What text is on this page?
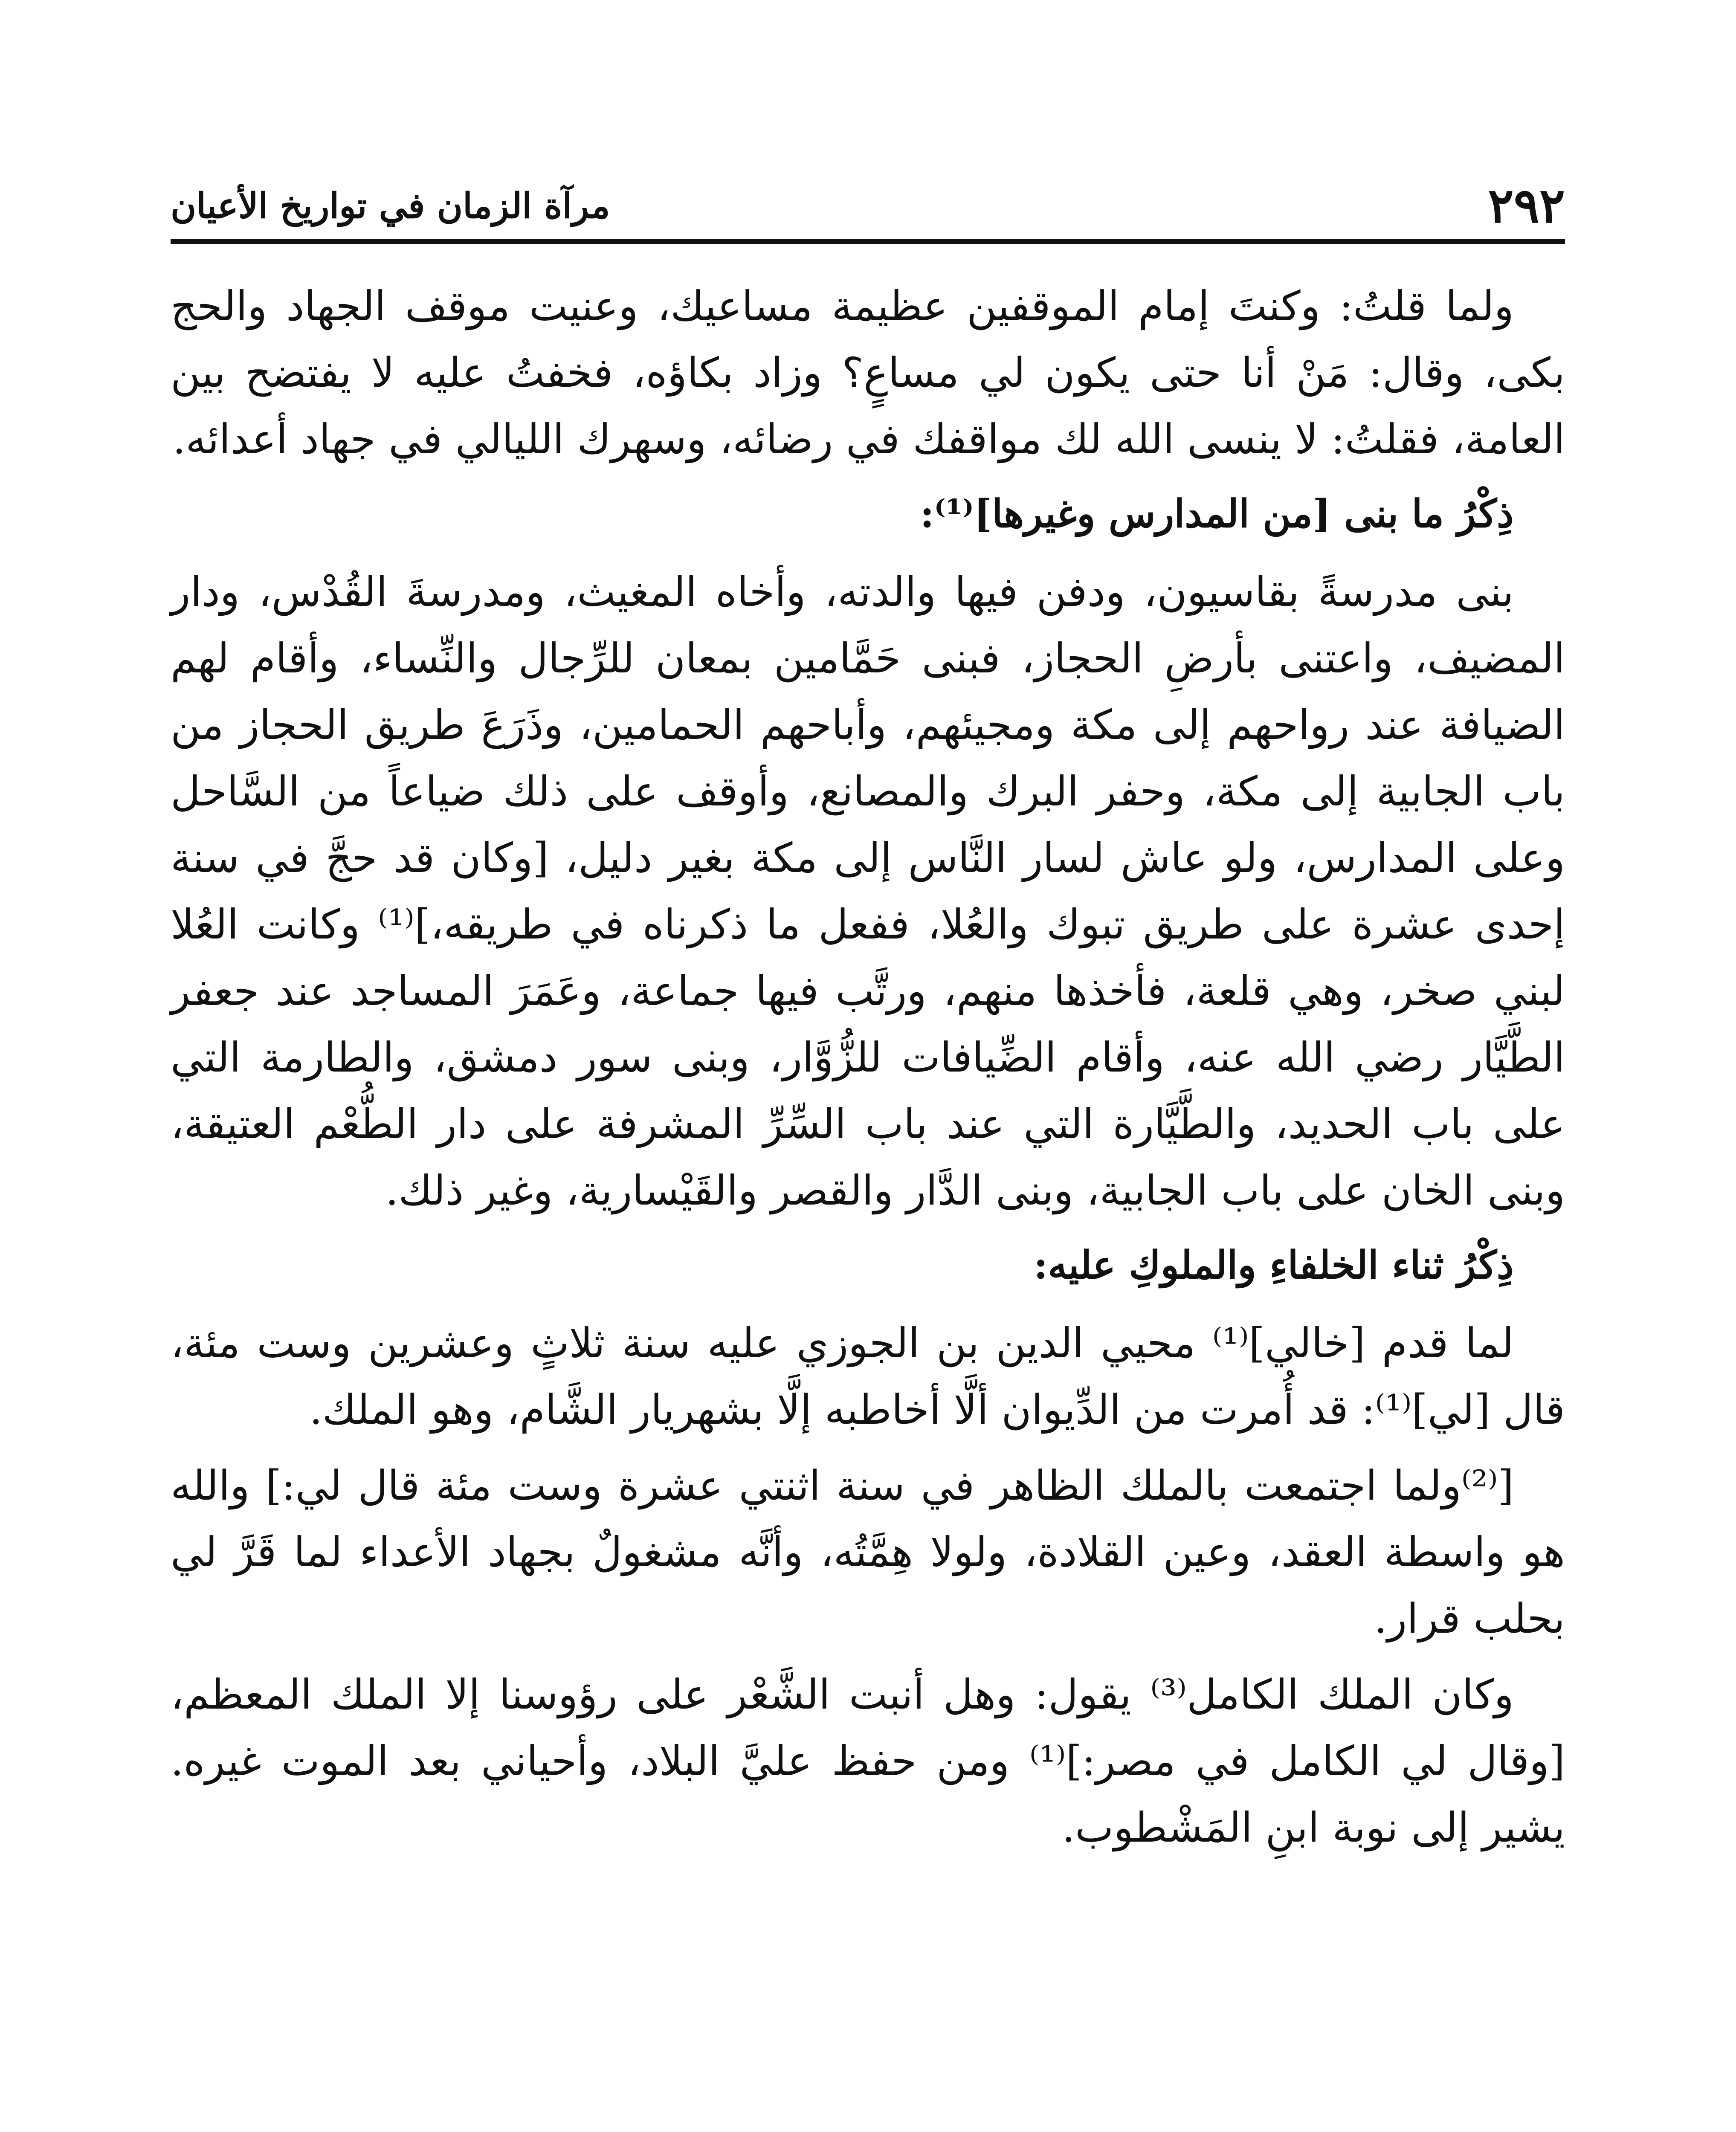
٢٩٢
مرآة الزمان في تواريخ الأعيان

ولما قلتُ: وكنتَ إمام الموقفين عظيمة مساعيك، وعنيت موقف الجهاد والحج بكى، وقال: مَنْ أنا حتى يكون لي مساعٍ؟ وزاد بكاؤه، فخفتُ عليه لا يفتضح بين العامة، فقلتُ: لا ينسى الله لك مواقفك في رضائه، وسهرك الليالي في جهاد أعدائه.

ذِكْرُ ما بنى [من المدارس وغيرها]⁽¹⁾:

بنى مدرسةً بقاسيون، ودفن فيها والدته، وأخاه المغيث، ومدرسةَ القُدْس، ودار المضيف، واعتنى بأرضِ الحجاز، فبنى حَمَّامين بمعان للرِّجال والنِّساء، وأقام لهم الضيافة عند رواحهم إلى مكة ومجيئهم، وأباحهم الحمامين، وذَرَعَ طريق الحجاز من باب الجابية إلى مكة، وحفر البرك والمصانع، وأوقف على ذلك ضياعاً من السَّاحل وعلى المدارس، ولو عاش لسار النَّاس إلى مكة بغير دليل، [وكان قد حجَّ في سنة إحدى عشرة على طريق تبوك والعُلا، ففعل ما ذكرناه في طريقه،]⁽¹⁾ وكانت العُلا لبني صخر، وهي قلعة، فأخذها منهم، ورتَّب فيها جماعة، وعَمَرَ المساجد عند جعفر الطَّيَّار رضي الله عنه، وأقام الضِّيافات للزُّوَّار، وبنى سور دمشق، والطارمة التي على باب الحديد، والطَّيَّارة التي عند باب السِّرِّ المشرفة على دار الطُّعْم العتيقة، وبنى الخان على باب الجابية، وبنى الدَّار والقصر والقَيْسارية، وغير ذلك.

ذِكْرُ ثناء الخلفاءِ والملوكِ عليه:

لما قدم [خالي]⁽¹⁾ محيي الدين بن الجوزي عليه سنة ثلاثٍ وعشرين وست مئة، قال [لي]⁽¹⁾: قد أُمرت من الدِّيوان ألَّا أخاطبه إلَّا بشهريار الشَّام، وهو الملك.

[⁽²⁾ولما اجتمعت بالملك الظاهر في سنة اثنتي عشرة وست مئة قال لي:] والله هو واسطة العقد، وعين القلادة، ولولا هِمَّتُه، وأنَّه مشغولٌ بجهاد الأعداء لما قَرَّ لي بحلب قرار.

وكان الملك الكامل⁽³⁾ يقول: وهل أنبت الشَّعْر على رؤوسنا إلا الملك المعظم، [وقال لي الكامل في مصر:]⁽¹⁾ ومن حفظ عليَّ البلاد، وأحياني بعد الموت غيره. يشير إلى نوبة ابنِ المَشْطوب.
